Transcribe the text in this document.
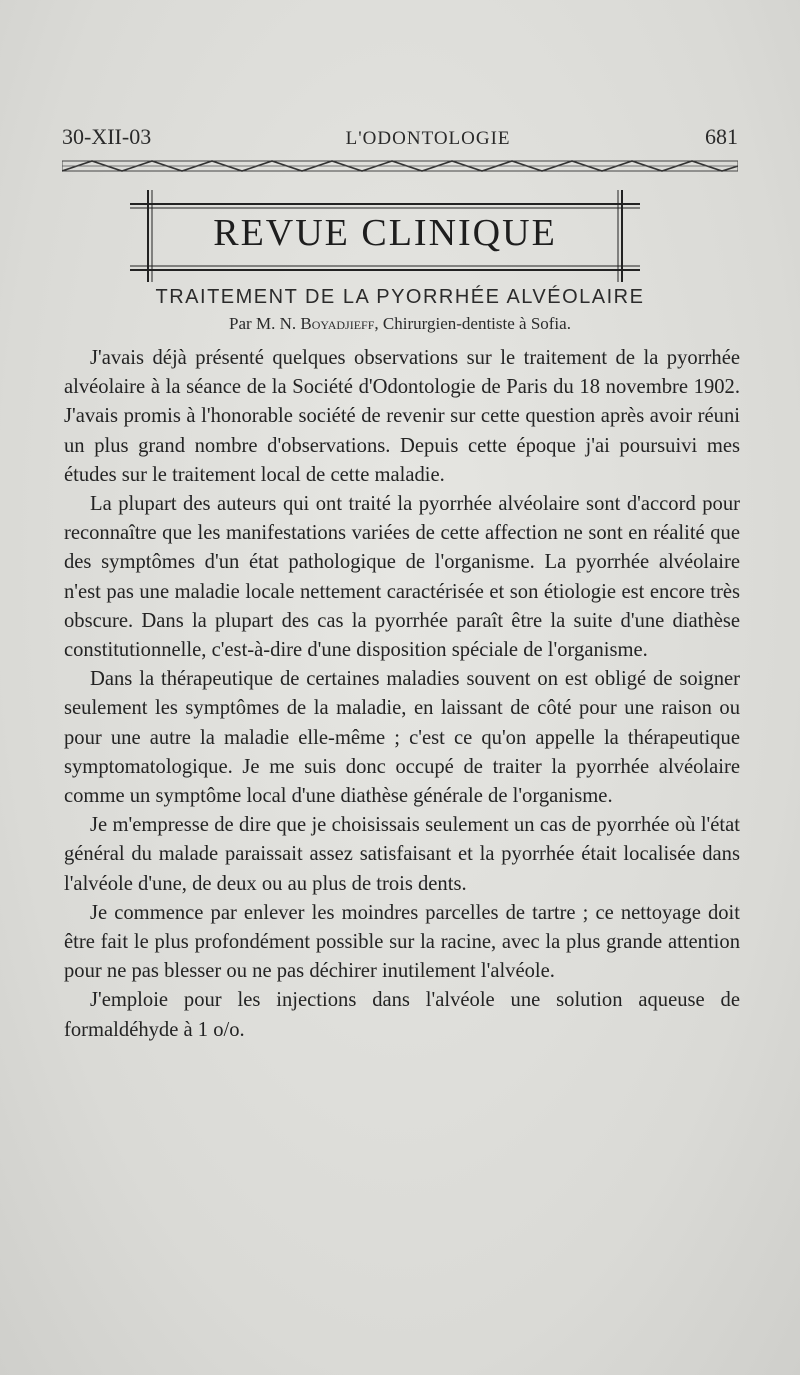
30-XII-03	L'ODONTOLOGIE	681
REVUE CLINIQUE
TRAITEMENT DE LA PYORRHÉE ALVÉOLAIRE
Par M. N. Boyadjieff, Chirurgien-dentiste à Sofia.

J'avais déjà présenté quelques observations sur le traitement de la pyorrhée alvéolaire à la séance de la Société d'Odontologie de Paris du 18 novembre 1902. J'avais promis à l'honorable société de revenir sur cette question après avoir réuni un plus grand nombre d'observations. Depuis cette époque j'ai poursuivi mes études sur le traitement local de cette maladie.

La plupart des auteurs qui ont traité la pyorrhée alvéolaire sont d'accord pour reconnaître que les manifestations variées de cette affection ne sont en réalité que des symptômes d'un état pathologique de l'organisme. La pyorrhée alvéolaire n'est pas une maladie locale nettement caractérisée et son étiologie est encore très obscure. Dans la plupart des cas la pyorrhée paraît être la suite d'une diathèse constitutionnelle, c'est-à-dire d'une disposition spéciale de l'organisme.

Dans la thérapeutique de certaines maladies souvent on est obligé de soigner seulement les symptômes de la maladie, en laissant de côté pour une raison ou pour une autre la maladie elle-même ; c'est ce qu'on appelle la thérapeutique symptomatologique. Je me suis donc occupé de traiter la pyorrhée alvéolaire comme un symptôme local d'une diathèse générale de l'organisme.

Je m'empresse de dire que je choisissais seulement un cas de pyorrhée où l'état général du malade paraissait assez satisfaisant et la pyorrhée était localisée dans l'alvéole d'une, de deux ou au plus de trois dents.

Je commence par enlever les moindres parcelles de tartre ; ce nettoyage doit être fait le plus profondément possible sur la racine, avec la plus grande attention pour ne pas blesser ou ne pas déchirer inutilement l'alvéole.

J'emploie pour les injections dans l'alvéole une solution aqueuse de formaldéhyde à 1 o/o.
